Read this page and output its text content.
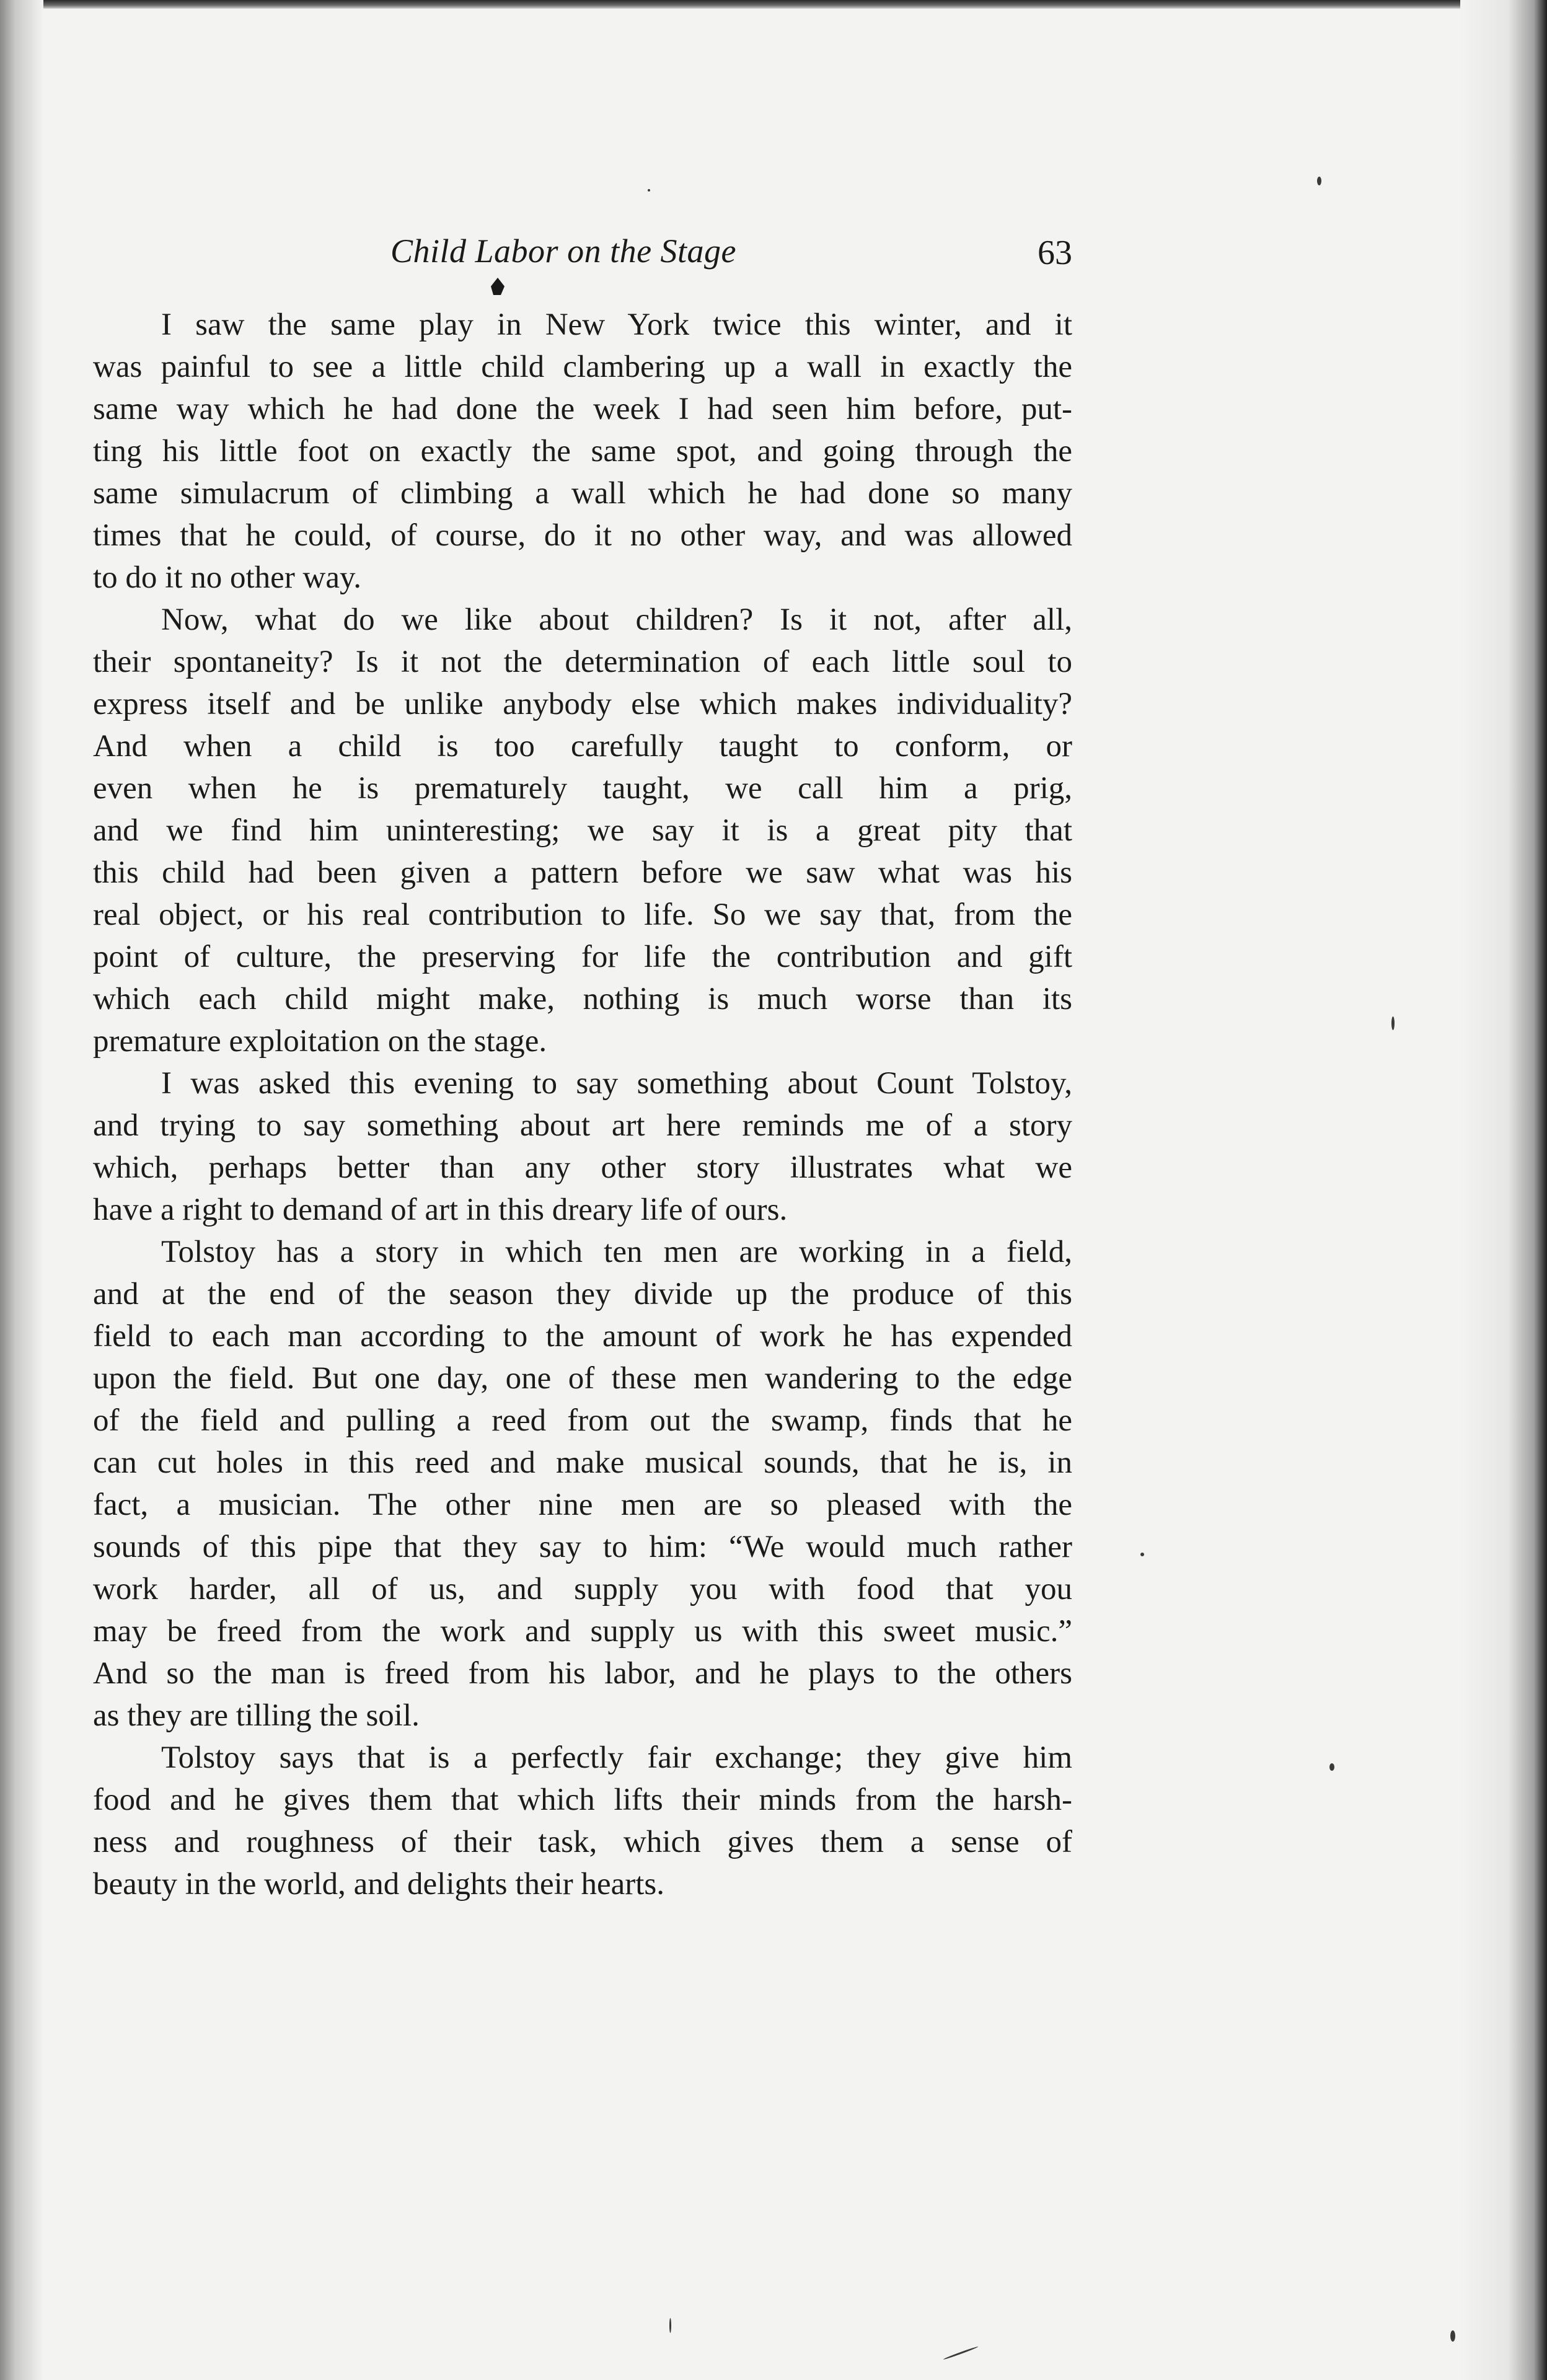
Child Labor on the Stage	63
I saw the same play in New York twice this winter, and it
was painful to see a little child clambering up a wall in exactly the
same way which he had done the week I had seen him before, put-
ting his little foot on exactly the same spot, and going through the
same simulacrum of climbing a wall which he had done so many
times that he could, of course, do it no other way, and was allowed
to do it no other way.
Now, what do we like about children? Is it not, after all,
their spontaneity? Is it not the determination of each little soul to
express itself and be unlike anybody else which makes individuality?
And when a child is too carefully taught to conform, or
even when he is prematurely taught, we call him a prig,
and we find him uninteresting; we say it is a great pity that
this child had been given a pattern before we saw what was his
real object, or his real contribution to life. So we say that, from the
point of culture, the preserving for life the contribution and gift
which each child might make, nothing is much worse than its
premature exploitation on the stage.
I was asked this evening to say something about Count Tolstoy,
and trying to say something about art here reminds me of a story
which, perhaps better than any other story illustrates what we
have a right to demand of art in this dreary life of ours.
Tolstoy has a story in which ten men are working in a field,
and at the end of the season they divide up the produce of this
field to each man according to the amount of work he has expended
upon the field. But one day, one of these men wandering to the edge
of the field and pulling a reed from out the swamp, finds that he
can cut holes in this reed and make musical sounds, that he is, in
fact, a musician. The other nine men are so pleased with the
sounds of this pipe that they say to him: “We would much rather
work harder, all of us, and supply you with food that you
may be freed from the work and supply us with this sweet music.”
And so the man is freed from his labor, and he plays to the others
as they are tilling the soil.
Tolstoy says that is a perfectly fair exchange; they give him
food and he gives them that which lifts their minds from the harsh-
ness and roughness of their task, which gives them a sense of
beauty in the world, and delights their hearts.
